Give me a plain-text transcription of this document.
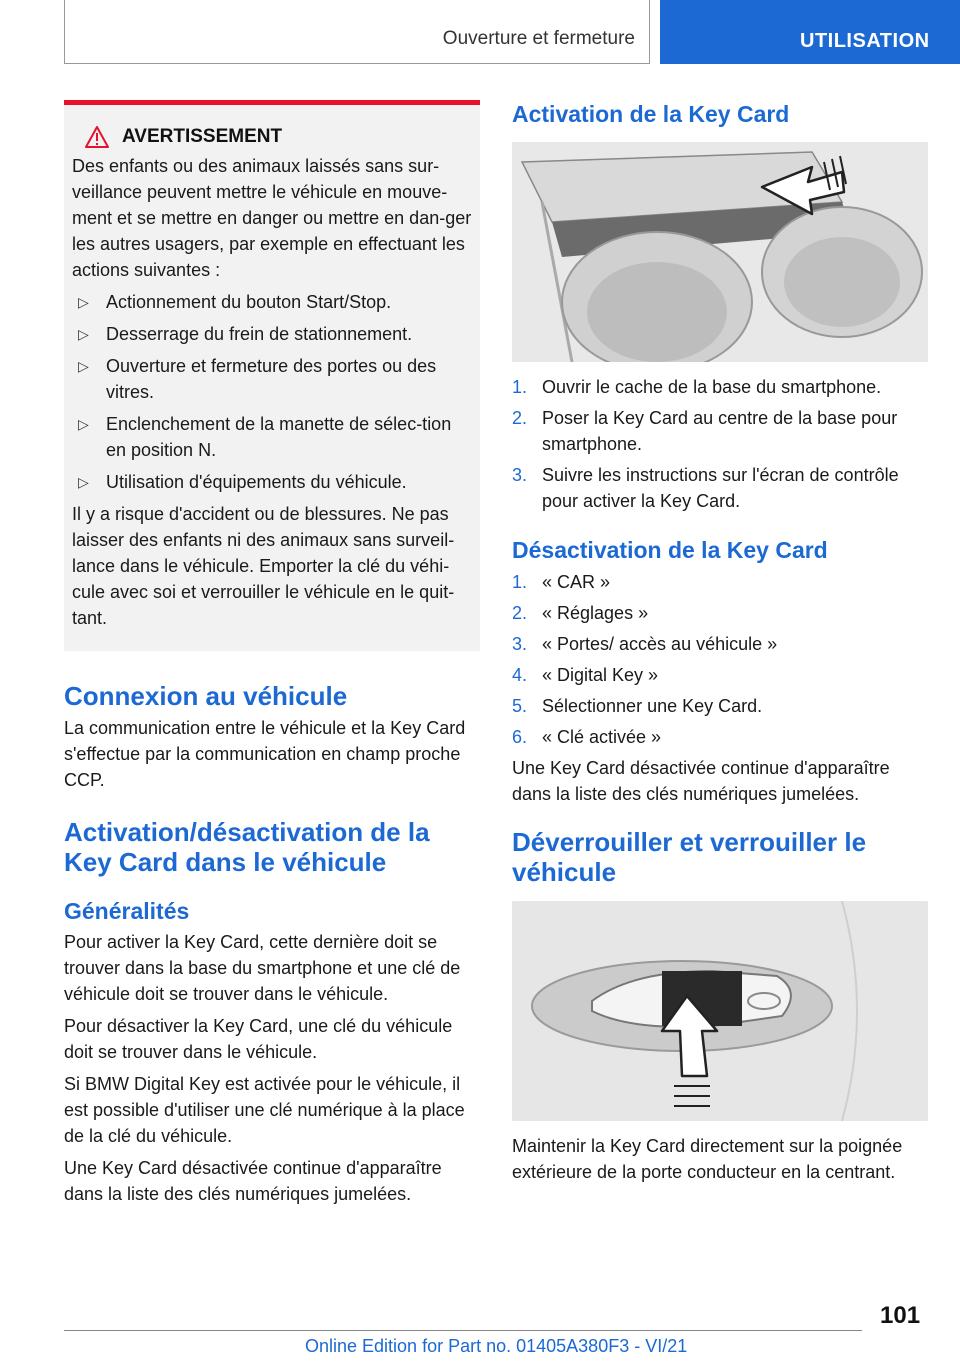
Ouverture et fermeture	UTILISATION
AVERTISSEMENT

Des enfants ou des animaux laissés sans sur-veillance peuvent mettre le véhicule en mouve-ment et se mettre en danger ou mettre en dan-ger les autres usagers, par exemple en effectuant les actions suivantes :

▷ Actionnement du bouton Start/Stop.
▷ Desserrage du frein de stationnement.
▷ Ouverture et fermeture des portes ou des vitres.
▷ Enclenchement de la manette de sélec-tion en position N.
▷ Utilisation d'équipements du véhicule.

Il y a risque d'accident ou de blessures. Ne pas laisser des enfants ni des animaux sans surveil-lance dans le véhicule. Emporter la clé du véhi-cule avec soi et verrouiller le véhicule en le quit-tant.

Connexion au véhicule

La communication entre le véhicule et la Key Card s'effectue par la communication en champ proche CCP.

Activation/désactivation de la Key Card dans le véhicule
Généralités

Pour activer la Key Card, cette dernière doit se trouver dans la base du smartphone et une clé de véhicule doit se trouver dans le véhicule.

Pour désactiver la Key Card, une clé du véhicule doit se trouver dans le véhicule.

Si BMW Digital Key est activée pour le véhicule, il est possible d'utiliser une clé numérique à la place de la clé du véhicule.

Une Key Card désactivée continue d'apparaître dans la liste des clés numériques jumelées.

Activation de la Key Card
1. Ouvrir le cache de la base du smartphone.
2. Poser la Key Card au centre de la base pour smartphone.
3. Suivre les instructions sur l'écran de contrôle pour activer la Key Card.
Désactivation de la Key Card
1. « CAR »
2. « Réglages »
3. « Portes/ accès au véhicule »
4. « Digital Key »
5. Sélectionner une Key Card.
6. « Clé activée »

Une Key Card désactivée continue d'apparaître dans la liste des clés numériques jumelées.

Déverrouiller et verrouiller le véhicule

Maintenir la Key Card directement sur la poignée extérieure de la porte conducteur en la centrant.

101
Online Edition for Part no. 01405A380F3 - VI/21
